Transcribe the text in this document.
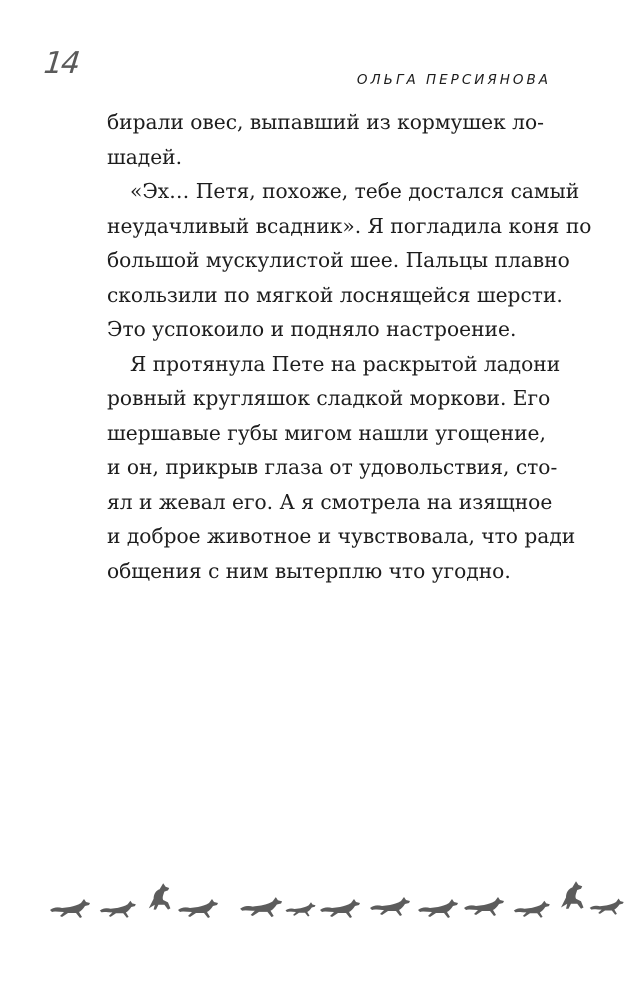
14	ОЛЬГА ПЕРСИЯНОВА
бирали овес, выпавший из кормушек ло-
шадей.
«Эх… Петя, похоже, тебе достался самый
неудачливый всадник». Я погладила коня по
большой мускулистой шее. Пальцы плавно
скользили по мягкой лоснящейся шерсти.
Это успокоило и подняло настроение.
Я протянула Пете на раскрытой ладони
ровный кругляшок сладкой моркови. Его
шершавые губы мигом нашли угощение,
и он, прикрыв глаза от удовольствия, сто-
ял и жевал его. А я смотрела на изящное
и доброе животное и чувствовала, что ради
общения с ним вытерплю что угодно.
